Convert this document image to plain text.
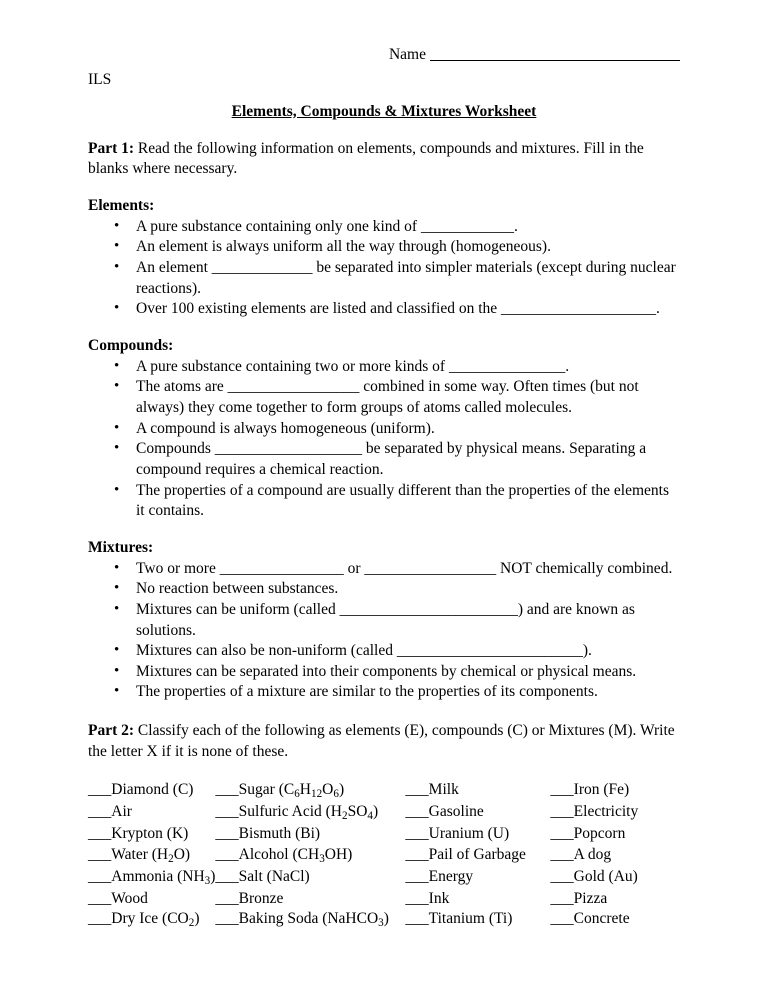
Name
ILS
Elements, Compounds & Mixtures Worksheet

Part 1: Read the following information on elements, compounds and mixtures. Fill in the blanks where necessary.

Elements:
• A pure substance containing only one kind of ____________.
• An element is always uniform all the way through (homogeneous).
• An element _____________ be separated into simpler materials (except during nuclear reactions).
• Over 100 existing elements are listed and classified on the ____________________.
Compounds:
• A pure substance containing two or more kinds of _______________.
• The atoms are _________________ combined in some way. Often times (but not always) they come together to form groups of atoms called molecules.
• A compound is always homogeneous (uniform).
• Compounds ___________________ be separated by physical means. Separating a compound requires a chemical reaction.
• The properties of a compound are usually different than the properties of the elements it contains.
Mixtures:
• Two or more ________________ or _________________ NOT chemically combined.
• No reaction between substances.
• Mixtures can be uniform (called _______________________) and are known as solutions.
• Mixtures can also be non-uniform (called ________________________).
• Mixtures can be separated into their components by chemical or physical means.
• The properties of a mixture are similar to the properties of its components.

Part 2: Classify each of the following as elements (E), compounds (C) or Mixtures (M). Write the letter X if it is none of these.

___Diamond (C)	___Sugar $(C_6H_{12}O_6)$	___Milk	___Iron (Fe)
___Air	___Sulfuric Acid $(H_2SO_4)$	___Gasoline	___Electricity
___Krypton (K)	___Bismuth (Bi)	___Uranium (U)	___Popcorn
___Water $(H_2O)$	___Alcohol $(CH_3OH)$	___Pail of Garbage	___A dog
___Ammonia $(NH_3)$	___Salt (NaCl)	___Energy	___Gold (Au)
___Wood	___Bronze	___Ink	___Pizza
___Dry Ice $(CO_2)$	___Baking Soda (NaHCO$_3$)	___Titanium (Ti)	___Concrete
